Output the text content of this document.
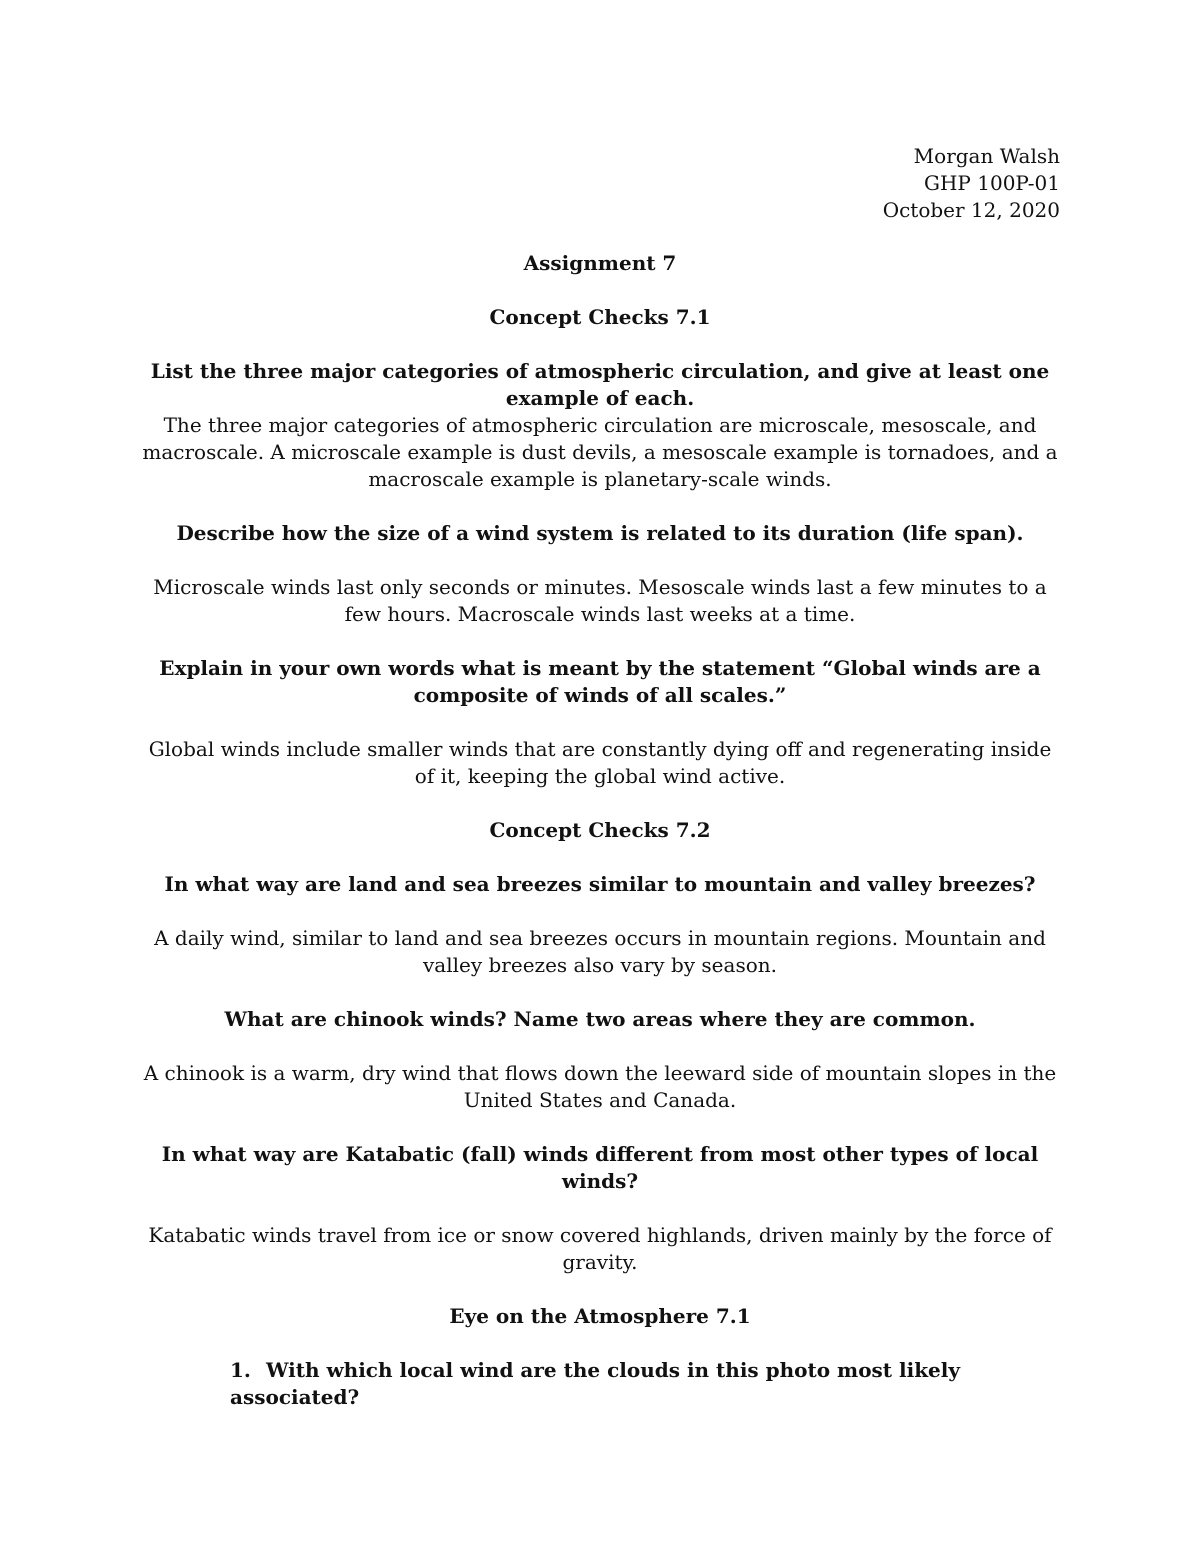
Morgan Walsh
GHP 100P-01
October 12, 2020

Assignment 7

Concept Checks 7.1

List the three major categories of atmospheric circulation, and give at least one example of each.

The three major categories of atmospheric circulation are microscale, mesoscale, and macroscale. A microscale example is dust devils, a mesoscale example is tornadoes, and a macroscale example is planetary-scale winds.

Describe how the size of a wind system is related to its duration (life span).

Microscale winds last only seconds or minutes. Mesoscale winds last a few minutes to a few hours. Macroscale winds last weeks at a time.

Explain in your own words what is meant by the statement “Global winds are a composite of winds of all scales.”

Global winds include smaller winds that are constantly dying off and regenerating inside of it, keeping the global wind active.

Concept Checks 7.2

In what way are land and sea breezes similar to mountain and valley breezes?

A daily wind, similar to land and sea breezes occurs in mountain regions. Mountain and valley breezes also vary by season.

What are chinook winds? Name two areas where they are common.

A chinook is a warm, dry wind that flows down the leeward side of mountain slopes in the United States and Canada.

In what way are Katabatic (fall) winds different from most other types of local winds?

Katabatic winds travel from ice or snow covered highlands, driven mainly by the force of gravity.

Eye on the Atmosphere 7.1

1. With which local wind are the clouds in this photo most likely associated?
